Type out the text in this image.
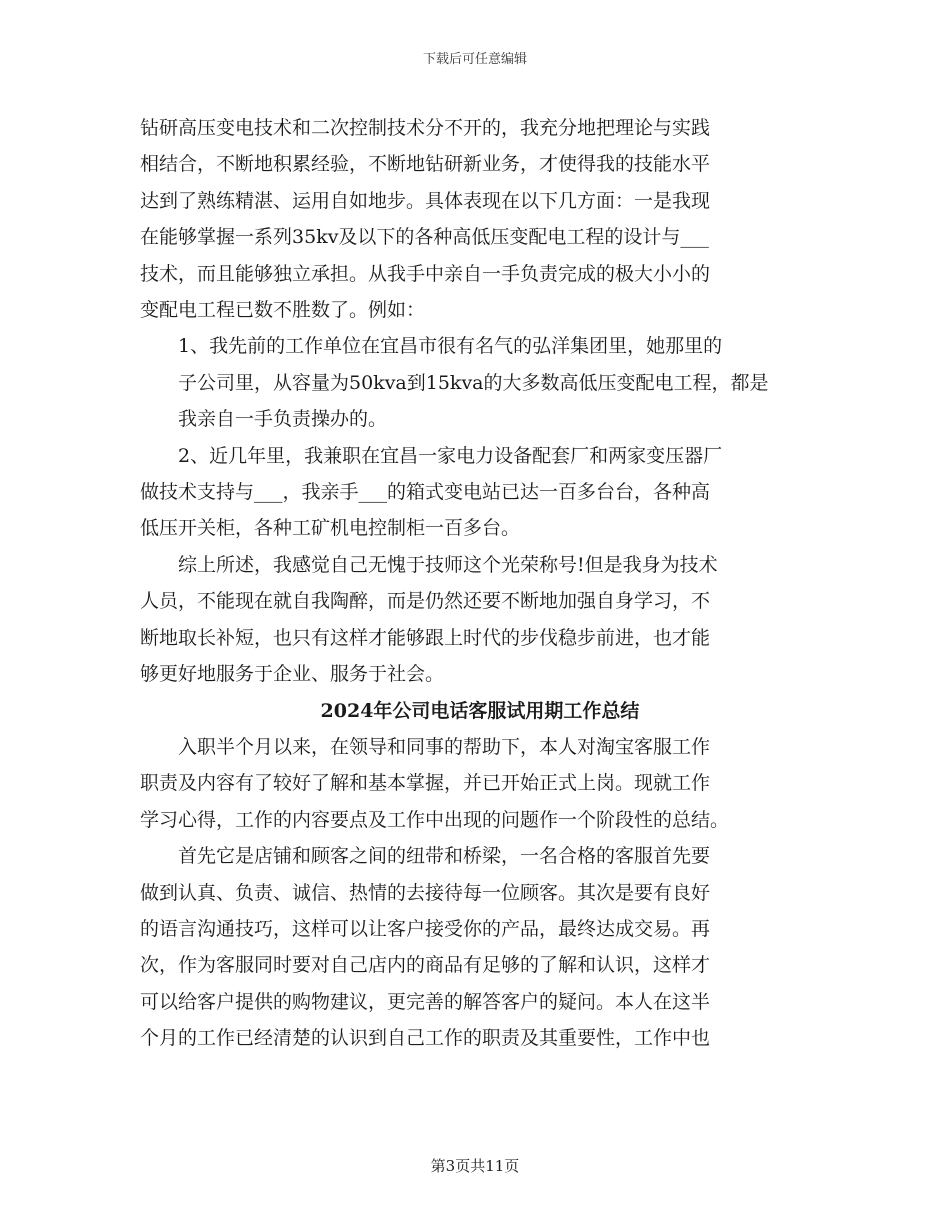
下载后可任意编辑

钻研高压变电技术和二次控制技术分不开的，我充分地把理论与实践
相结合，不断地积累经验，不断地钻研新业务，才使得我的技能水平
达到了熟练精湛、运用自如地步。具体表现在以下几方面：一是我现
在能够掌握一系列35kv及以下的各种高低压变配电工程的设计与___
技术，而且能够独立承担。从我手中亲自一手负责完成的极大小小的
变配电工程已数不胜数了。例如：

1、我先前的工作单位在宜昌市很有名气的弘洋集团里，她那里的
子公司里，从容量为50kva到15kva的大多数高低压变配电工程，都是
我亲自一手负责操办的。

2、近几年里，我兼职在宜昌一家电力设备配套厂和两家变压器厂
做技术支持与___，我亲手___的箱式变电站已达一百多台台，各种高
低压开关柜，各种工矿机电控制柜一百多台。

综上所述，我感觉自己无愧于技师这个光荣称号!但是我身为技术
人员，不能现在就自我陶醉，而是仍然还要不断地加强自身学习，不
断地取长补短，也只有这样才能够跟上时代的步伐稳步前进，也才能
够更好地服务于企业、服务于社会。

2024年公司电话客服试用期工作总结

入职半个月以来，在领导和同事的帮助下，本人对淘宝客服工作
职责及内容有了较好了解和基本掌握，并已开始正式上岗。现就工作
学习心得，工作的内容要点及工作中出现的问题作一个阶段性的总结。

首先它是店铺和顾客之间的纽带和桥梁，一名合格的客服首先要
做到认真、负责、诚信、热情的去接待每一位顾客。其次是要有良好
的语言沟通技巧，这样可以让客户接受你的产品，最终达成交易。再
次，作为客服同时要对自己店内的商品有足够的了解和认识，这样才
可以给客户提供的购物建议，更完善的解答客户的疑问。本人在这半
个月的工作已经清楚的认识到自己工作的职责及其重要性，工作中也

第3页共11页
